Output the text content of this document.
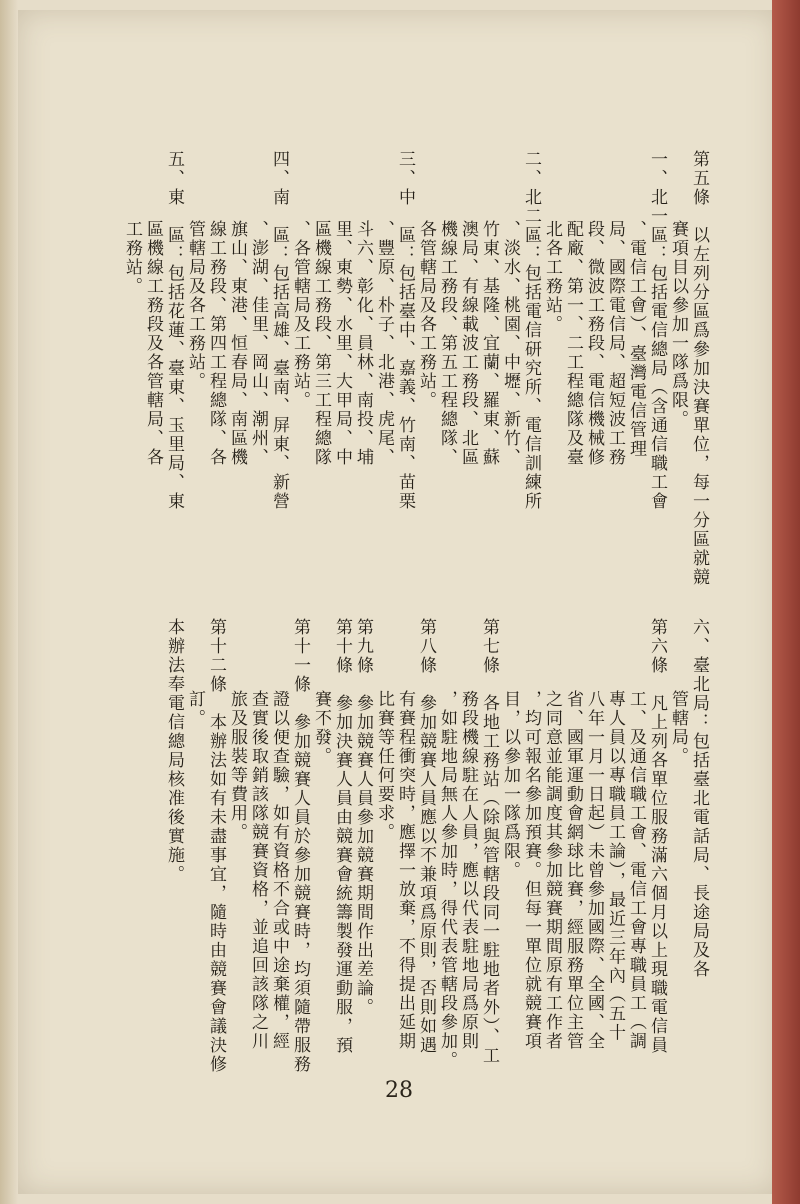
28
第五條　以左列分區爲參加決賽單位，每一分區就競
賽項目以參加一隊爲限。
一、北一區：包括電信總局（含通信職工會
、電信工會）、臺灣電信管理
局、國際電信局、超短波工務
段、微波工務段、電信機械修
配廠、第一、二工程總隊及臺
北各工務站。
二、北二區：包括電信研究所、電信訓練所
、淡水、桃園、中壢、新竹、
竹東、基隆、宜蘭、羅東、蘇
澳局、有線載波工務段、北區
機線工務段、第五工程總隊、
各管轄局及各工務站。
三、中　區：包括臺中、嘉義、竹南、苗栗
、豐原、朴子、北港、虎尾、
斗六、彰化、員林、南投、埔
里、東勢、水里、大甲局、中
區機線工務段、第三工程總隊
、各管轄局及工務站。
四、南　區：包括高雄、臺南、屏東、新營
、澎湖、佳里、岡山、潮州、
旗山、東港、恒春局、南區機
線工務段、第四工程總隊、各
管轄局及各工務站。
五、東　區：包括花蓮、臺東、玉里局、東
區機線工務段及各管轄局、各
工務站。
六、臺北局：包括臺北電話局、長途局及各
管轄局。
第六條　凡上列各單位服務滿六個月以上現職電信員
工、及通信職工會、電信工會專職員工（調
專人員以專職員工論），最近三年內（五十
八年一月一日起）未曾參加國際、全國、全
省、國軍運動會網球比賽，經服務單位主管
之同意並能調度其參加競賽期間原有工作者
，均可報名參加預賽。但每一單位就競賽項
目，以參加一隊爲限。
第七條　各地工務站（除與管轄段同一駐地者外）、工
務段機線駐在人員，應以代表駐地局爲原則
，如駐地局無人參加時，得代表管轄段參加。
第八條　參加競賽人員應以不兼項爲原則，否則如遇
有賽程衝突時，應擇一放棄，不得提出延期
比賽等任何要求。
第九條　參加競賽人員參加競賽期間作出差論。
第十條　參加決賽人員由競賽會統籌製發運動服，預
賽不發。
第十一條　參加競賽人員於參加競賽時，均須隨帶服務
證以便查驗，如有資格不合或中途棄權，經
查實後取銷該隊競賽資格，並追回該隊之川
旅及服裝等費用。
第十二條　本辦法如有未盡事宜，隨時由競賽會議決修
訂。
本辦法奉電信總局核准後實施。
